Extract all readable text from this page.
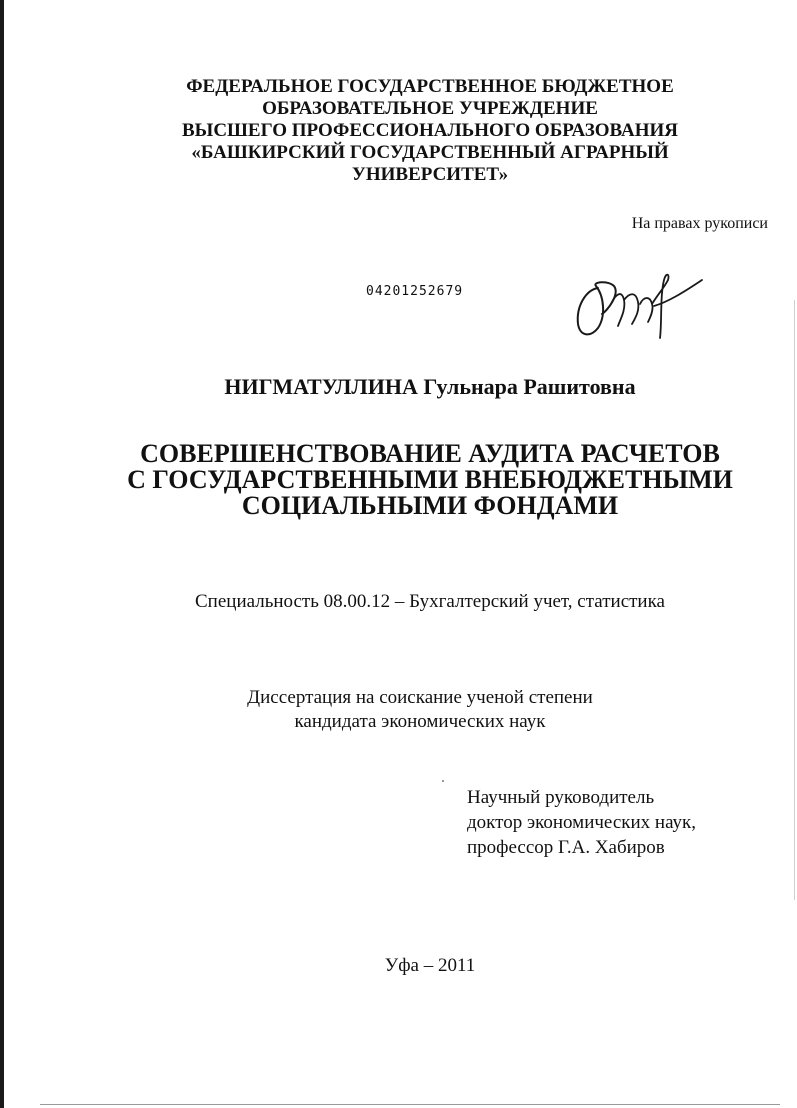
ФЕДЕРАЛЬНОЕ ГОСУДАРСТВЕННОЕ БЮДЖЕТНОЕ
ОБРАЗОВАТЕЛЬНОЕ УЧРЕЖДЕНИЕ
ВЫСШЕГО ПРОФЕССИОНАЛЬНОГО ОБРАЗОВАНИЯ
«БАШКИРСКИЙ ГОСУДАРСТВЕННЫЙ АГРАРНЫЙ
УНИВЕРСИТЕТ»
На правах рукописи
04201252679
НИГМАТУЛЛИНА Гульнара Рашитовна
СОВЕРШЕНСТВОВАНИЕ АУДИТА РАСЧЕТОВ
С ГОСУДАРСТВЕННЫМИ ВНЕБЮДЖЕТНЫМИ
СОЦИАЛЬНЫМИ ФОНДАМИ
Специальность 08.00.12 – Бухгалтерский учет, статистика
Диссертация на соискание ученой степени
кандидата экономических наук
Научный руководитель
доктор экономических наук,
профессор Г.А. Хабиров
Уфа – 2011
